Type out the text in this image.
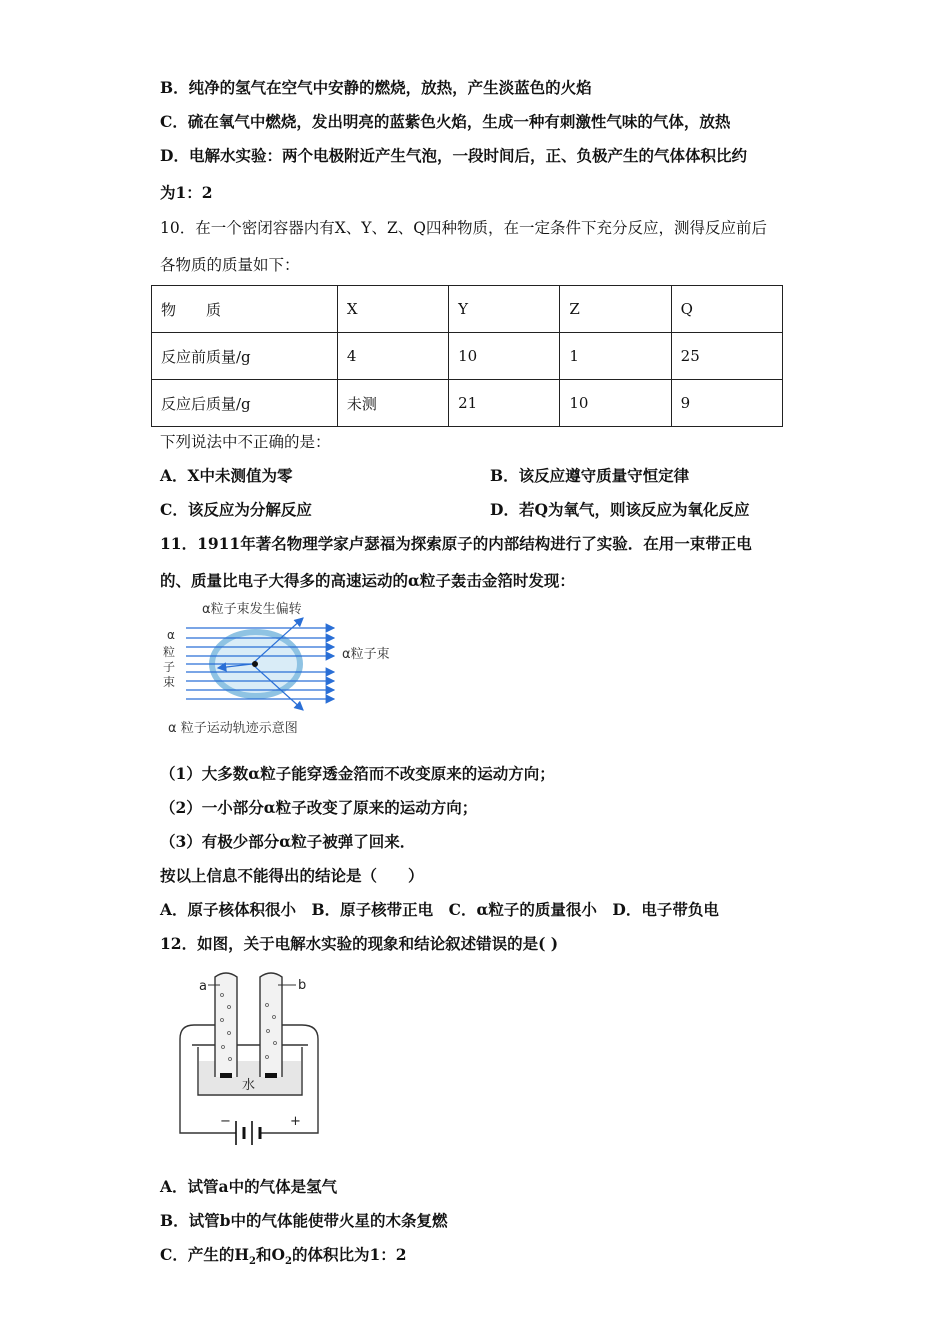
B．纯净的氢气在空气中安静的燃烧，放热，产生淡蓝色的火焰
C．硫在氧气中燃烧，发出明亮的蓝紫色火焰，生成一种有刺激性气味的气体，放热
D．电解水实验：两个电极附近产生气泡，一段时间后，正、负极产生的气体体积比约
为1：2
10．在一个密闭容器内有X、Y、Z、Q四种物质，在一定条件下充分反应，测得反应前后
各物质的质量如下：
物　　质	X	Y	Z	Q
反应前质量/g	4	10	1	25
反应后质量/g	未测	21	10	9
下列说法中不正确的是：
A．X中未测值为零	B．该反应遵守质量守恒定律
C．该反应为分解反应	D．若Q为氧气，则该反应为氧化反应
11．1911年著名物理学家卢瑟福为探索原子的内部结构进行了实验．在用一束带正电
的、质量比电子大得多的高速运动的α粒子轰击金箔时发现：
α粒子束发生偏转
α
粒
子
束
α粒子束
α 粒子运动轨迹示意图
（1）大多数α粒子能穿透金箔而不改变原来的运动方向；
（2）一小部分α粒子改变了原来的运动方向；
（3）有极少部分α粒子被弹了回来．
按以上信息不能得出的结论是（　　）
A．原子核体积很小　B．原子核带正电　C．α粒子的质量很小　D．电子带负电
12．如图，关于电解水实验的现象和结论叙述错误的是( )
a	b
水
−	+
A．试管a中的气体是氢气
B．试管b中的气体能使带火星的木条复燃
C．产生的$H_2$和$O_2$的体积比为1：2
